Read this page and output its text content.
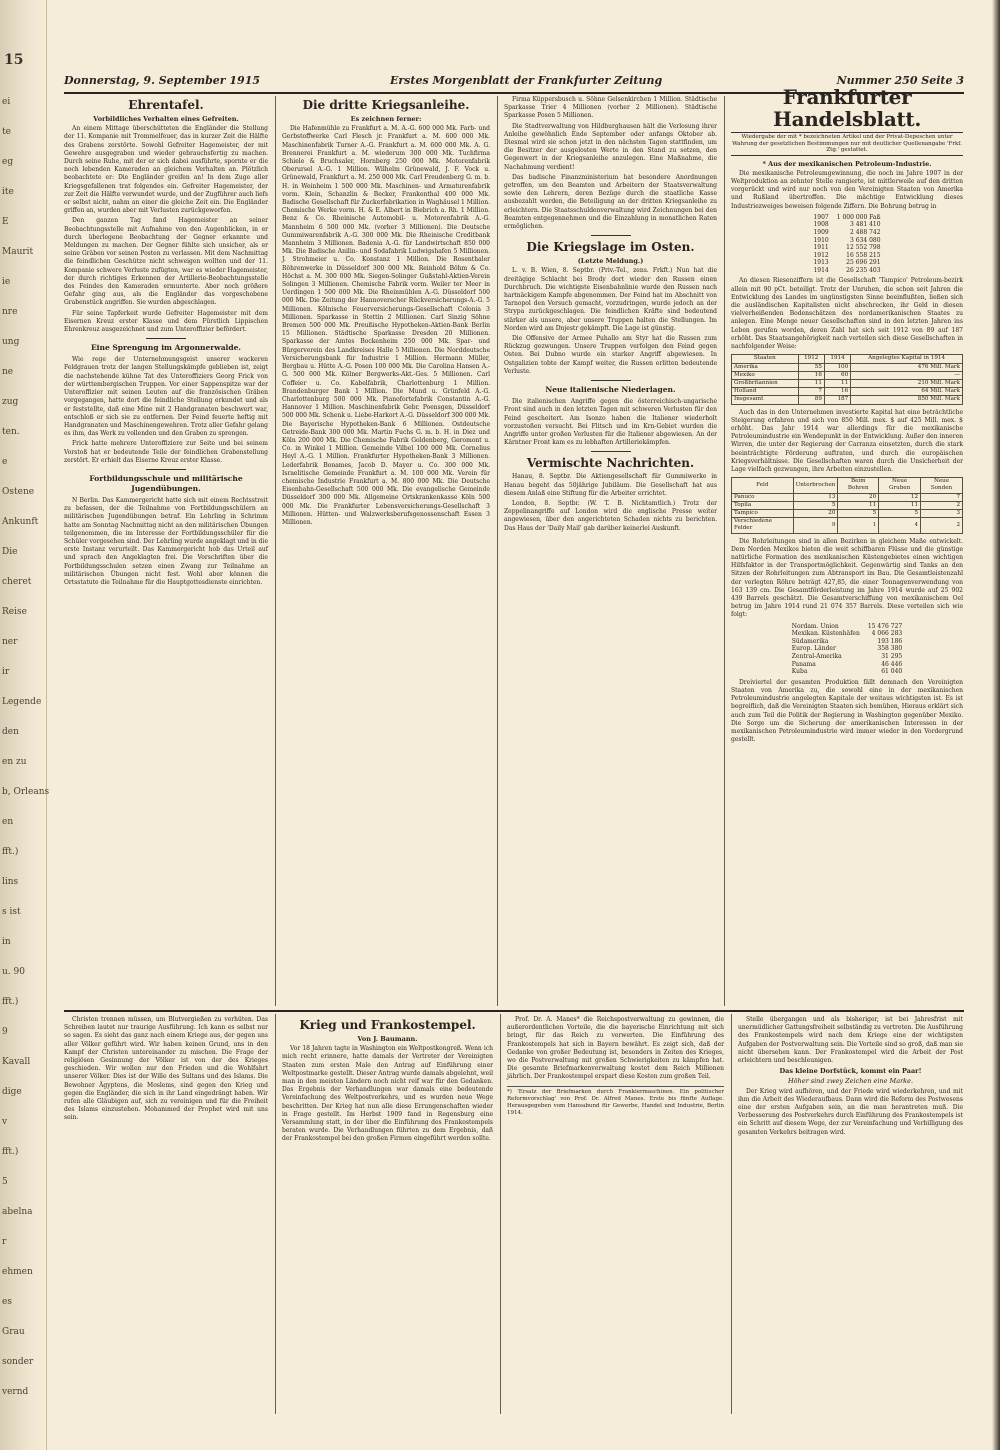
15
ei
te
eg
ite
E
Maurit
ie
nre
ung
ne
zug
ten.
e
Ostene
Ankunft
Die
cheret
Reise
ner
ir
Legende
den
en zu
b, Orleans
en
fft.)
lins
s ist
in
u. 90
fft.)
9
Kavall
dige
v
fft.)
5
abelna
r
ehmen
es
Grau
sonder
vernd
Donnerstag, 9. September 1915	Erstes Morgenblatt der Frankfurter Zeitung	Nummer 250 Seite 3
Ehrentafel.
Vorbildliches Verhalten eines Gefreiten.

An einem Mittage überschütteten die Engländer die Stellung der 11. Kompanie mit Trommelfeuer, das in kurzer Zeit die Hälfte des Grabens zerstörte. Sowohl Gefreiter Hagemeister, der mit Gewehre ausgegraben und wieder gebrauchsfertig zu machen. Durch seine Ruhe, mit der er sich dabei ausführte, spornte er die noch lebenden Kameraden an gleichem Verhalten an. Plötzlich beobachtete er: Die Engländer greifen an! In dem Zuge aller Kriegsgefallenen trat folgendes ein. Gefreiter Hagemeister, der zur Zeit die Hälfte verwundet wurde, und der Zugführer auch liefs er selbst nicht, nahm an einer die gleiche Zeit ein. Die Engländer griffen an, wurden aber mit Verlusten zurückgeworfen.

Den ganzen Tag fand Hagemeister an seiner Beobachtungsstelle mit Aufnahme von den Augenblicken, in er durch überlegene Beobachtung der Gegner erkannte und Meldungen zu machen. Der Gegner fühlte sich unsicher, als er seine Gräben vor seinen Posten zu verlassen. Mit dem Nachmittag die feindlichen Geschütze nicht schweigen wollten und der 11. Kompanie schwere Verluste zufügten, war es wieder Hagemeister, der durch richtiges Erkennen der Artillerie-Beobachtungsstelle des Feindes den Kameraden ermunterte. Aber noch größere Gefahr ging aus, als die Engländer das vorgeschobene Grabenstück angriffen. Sie wurden abgeschlagen.

Für seine Tapferkeit wurde Gefreiter Hagemeister mit dem Eisernen Kreuz erster Klasse und dem Fürstlich Lippischen Ehrenkreuz ausgezeichnet und zum Unteroffizier befördert.

Eine Sprengung im Argonnerwalde.

Wie rege der Unternehmungsgeist unserer wackeren Feldgrauen trotz der langen Stellungskämpfe geblieben ist, zeigt die nachstehende kühne Tat des Unteroffiziers Georg Frick von der württembergischen Truppen. Vor einer Sappenspitze war der Unteroffizier mit seinen Leuten auf die französischen Gräben vorgegangen, hatte dort die feindliche Stellung erkundet und als er feststellte, daß eine Mine mit 2 Handgranaten beschwert war, entschloß er sich sie zu entfernen. Der Feind feuerte heftig mit Handgranaten und Maschinengewehren. Trotz aller Gefahr gelang es ihm, das Werk zu vollenden und den Graben zu sprengen.

Frick hatte mehrere Unteroffiziere zur Seite und bei seinem Vorstoß hat er bedeutende Teile der feindlichen Grabenstellung zerstört. Er erhielt das Eiserne Kreuz erster Klasse.

Fortbildungsschule und militärische Jugendübungen.

N Berlin. Das Kammergericht hatte sich mit einem Rechtsstreit zu befassen, der die Teilnahme von Fortbildungsschülern an militärischen Jugendübungen betraf. Ein Lehrling in Schrimm hatte am Sonntag Nachmittag nicht an den militärischen Übungen teilgenommen, die im Interesse der Fortbildungsschüler für die Schüler vorgesehen sind. Der Lehrling wurde angeklagt und in die erste Instanz verurteilt. Das Kammergericht hob das Urteil auf und sprach den Angeklagten frei. Die Vorschriften über die Fortbildungsschulen setzen einen Zwang zur Teilnahme an militärischen Übungen nicht fest. Wohl aber können die Ortsstatute die Teilnahme für die Hauptgottesdienste einrichten.

Die dritte Kriegsanleihe.
Es zeichnen ferner:

Die Hafenmühle zu Frankfurt a. M. A.-G. 600 000 Mk. Farb- und Gerbstoffwerke Carl Flesch jr. Frankfurt a. M. 600 000 Mk. Maschinenfabrik Turner A.-G. Frankfurt a. M. 600 000 Mk. A. G. Brennerei Frankfurt a. M. wiederum 300 000 Mk. Tuchfirma Schiele & Bruchsaler, Hornberg 250 000 Mk. Motorenfabrik Oberursel A.-G. 1 Million. Wilhelm Grünewald, J. F. Vock u. Grünewald, Frankfurt a. M. 250 000 Mk. Carl Freudenberg G. m. b. H. in Weinheim 1 500 000 Mk. Maschinen- und Armaturenfabrik vorm. Klein, Schanzlin & Becker, Frankenthal 400 000 Mk. Badische Gesellschaft für Zuckerfabrikation in Waghäusel 1 Million. Chemische Werke vorm. H. & E. Albert in Biebrich a. Rh. 1 Million. Benz & Co. Rheinische Automobil- u. Motorenfabrik A.-G. Mannheim 6 500 000 Mk. (vorher 3 Millionen). Die Deutsche Gummiwarenfabrik A.-G. 300 000 Mk. Die Rheinische Creditbank Mannheim 3 Millionen. Badenia A.-G. für Landwirtschaft 850 000 Mk. Die Badische Anilin- und Sodafabrik Ludwigshafen 5 Millionen. J. Strohmeier u. Co. Konstanz 1 Million. Die Rosenthaler Röhrenwerke in Düsseldorf 300 000 Mk. Reinhold Böhm & Co. Höchst a. M. 300 000 Mk. Siegen-Solinger Gußstahl-Aktien-Verein Solingen 3 Millionen. Chemische Fabrik vorm. Weiler ter Meer in Uerdingen 1 500 000 Mk. Die Rheinmühlen A.-G. Düsseldorf 500 000 Mk. Die Zeitung der Hannoverscher Rückversicherungs-A.-G. 5 Millionen. Kölnische Feuerversicherungs-Gesellschaft Colonia 3 Millionen. Sparkasse in Stettin 2 Millionen. Carl Sinzig Söhne Bremen 500 000 Mk. Preußische Hypotheken-Aktien-Bank Berlin 15 Millionen. Städtische Sparkasse Dresden 20 Millionen. Sparkasse der Amtes Bockenheim 250 000 Mk. Spar- und Bürgerverein des Landkreises Halle 5 Millionen. Die Norddeutsche Versicherungsbank für Industrie 1 Million. Hermann Müller, Bergbau u. Hütte A.-G. Posen 100 000 Mk. Die Carolina Hansen A.-G. 500 000 Mk. Kölner Bergwerks-Akt.-Ges. 5 Millionen. Carl Coffeier u. Co. Kabelfabrik, Charlottenburg 1 Million. Brandenburger Bank 1 Million. Die Mund u. Grünfeld A.-G. Charlottenburg 500 000 Mk. Pianofortefabrik Constantin A.-G. Hannover 1 Million. Maschinenfabrik Gebr. Poensgen, Düsseldorf 500 000 Mk. Schenk u. Liebe-Harkort A.-G. Düsseldorf 300 000 Mk. Die Bayerische Hypotheken-Bank 6 Millionen. Ostdeutsche Getreide-Bank 300 000 Mk. Martin Fuchs G. m. b. H. in Diez und Köln 200 000 Mk. Die Chemische Fabrik Goldenberg, Geromont u. Co. in Winkel 1 Million. Gemeinde Vilbel 100 000 Mk. Cornelius Heyl A.-G. 1 Million. Frankfurter Hypotheken-Bank 3 Millionen. Lederfabrik Bonames, Jacob D. Mayer u. Co. 300 000 Mk. Israelitische Gemeinde Frankfurt a. M. 100 000 Mk. Verein für chemische Industrie Frankfurt a. M. 800 000 Mk. Die Deutsche Eisenbahn-Gesellschaft 500 000 Mk. Die evangelische Gemeinde Düsseldorf 300 000 Mk. Allgemeine Ortskrankenkasse Köln 500 000 Mk. Die Frankfurter Lebensversicherungs-Gesellschaft 3 Millionen. Hütten- und Walzwerksberufsgenossenschaft Essen 3 Millionen.

Firma Küppersbusch u. Söhne Gelsenkirchen 1 Million. Städtische Sparkasse Trier 4 Millionen (vorher 2 Millionen). Städtische Sparkasse Posen 5 Millionen.

Die Stadtverwaltung von Hildburghausen hält die Verlosung ihrer Anleihe gewöhnlich Ende September oder anfangs Oktober ab. Diesmal wird sie schon jetzt in den nächsten Tagen stattfinden, um die Besitzer der ausgelosten Werte in den Stand zu setzen, den Gegenwert in der Kriegsanleihe anzulegen. Eine Maßnahme, die Nachahmung verdient!

Das badische Finanzministerium hat besondere Anordnungen getroffen, um den Beamten und Arbeitern der Staatsverwaltung sowie den Lehrern, deren Bezüge durch die staatliche Kasse ausbezahlt werden, die Beteiligung an der dritten Kriegsanleihe zu erleichtern. Die Staatsschuldenverwaltung wird Zeichnungen bei den Beamten entgegennehmen und die Einzahlung in monatlichen Raten ermöglichen.

Die Kriegslage im Osten.
(Letzte Meldung.)

L. v. B. Wien, 8. Septbr. (Priv.-Tel., zens. Frkft.) Nun hat die dreitägige Schlacht bei Brody dort wieder den Russen einen Durchbruch. Die wichtigste Eisenbahnlinie wurde den Russen nach hartnäckigem Kampfe abgenommen. Der Feind hat im Abschnitt von Tarnopol den Versuch gemacht, vorzudringen, wurde jedoch an der Strypa zurückgeschlagen. Die feindlichen Kräfte sind bedeutend stärker als unsere, aber unsere Truppen halten die Stellungen. Im Norden wird am Dnjestr gekämpft. Die Lage ist günstig.

Die Offensive der Armee Puhallo am Styr hat die Russen zum Rückzug gezwungen. Unsere Truppen verfolgen den Feind gegen Osten. Bei Dubno wurde ein starker Angriff abgewiesen. In Ostgalizien tobte der Kampf weiter, die Russen erlitten bedeutende Verluste.

Neue italienische Niederlagen.

Die italienischen Angriffe gegen die österreichisch-ungarische Front sind auch in den letzten Tagen mit schweren Verlusten für den Feind gescheitert. Am Isonzo haben die Italiener wiederholt vorzustoßen versucht. Bei Flitsch und im Krn-Gebiet wurden die Angriffe unter großen Verlusten für die Italiener abgewiesen. An der Kärntner Front kam es zu lebhaften Artilleriekämpfen.

Vermischte Nachrichten.

Hanau, 8. Septbr. Die Aktiengesellschaft für Gummiwerke in Hanau begeht das 50jährige Jubiläum. Die Gesellschaft hat aus diesem Anlaß eine Stiftung für die Arbeiter errichtet.

London, 8. Septbr. (W. T. B. Nichtamtlich.) Trotz der Zeppelinangriffe auf London wird die englische Presse weiter angewiesen, über den angerichteten Schaden nichts zu berichten. Das Haus der 'Daily Mail' gab darüber keinerlei Auskunft.

Frankfurter Handelsblatt.
Wiedergabe der mit * bezeichneten Artikel und der Privat-Depeschen unter Wahrung der gesetzlichen Bestimmungen nur mit deutlicher Quellenangabe 'Frkf. Ztg.' gestattet.
* Aus der mexikanischen Petroleum-Industrie.

Die mexikanische Petroleumgewinnung, die noch im Jahre 1907 in der Weltproduktion an zehnter Stelle rangierte, ist mittlerweile auf den dritten vorgerückt und wird nur noch von den Vereinigten Staaten von Amerika und Rußland übertroffen. Die mächtige Entwicklung dieses Industriezweiges beweisen folgende Ziffern. Die Bohrung betrug in

1907	1 000 000 Faß
1908	3 481 410
1909	2 488 742
1910	3 634 080
1911	12 552 798
1912	16 558 215
1913	25 696 291
1914	26 235 403

An diesen Riesenziffern ist die Gesellschaft 'Tampico' Petroleum-bezirk allein mit 90 pCt. beteiligt. Trotz der Unruhen, die schon seit Jahren die Entwicklung des Landes im ungünstigsten Sinne beeinflußten, ließen sich die ausländischen Kapitalisten nicht abschrecken, ihr Geld in diesen vielverheißenden Bodenschätzen des nordamerikanischen Staates zu anlegen. Eine Menge neuer Gesellschaften sind in den letzten Jahren ins Leben gerufen worden, deren Zahl hat sich seit 1912 von 89 auf 187 erhöht. Das Staatsangehörigkeit nach verteilen sich diese Gesellschaften in nachfolgender Weise:

Staaten	1912	1914	Angelegtes Kapital in 1914
Amerika	55	100	476 Mill. Mark
Mexiko	16	60	—
Großbritannien	11	11	210 Mill. Mark
Holland	7	16	64 Mill. Mark
Insgesamt	89	187	850 Mill. Mark

Auch das in den Unternehmen investierte Kapital hat eine beträchtliche Steigerung erfahren und sich von 850 Mill. mex. $ auf 425 Mill. mex. $ erhöht. Das Jahr 1914 war allerdings für die mexikanische Petroleumindustrie ein Wendepunkt in der Entwicklung. Außer den inneren Wirren, die unter der Regierung der Carranza einsetzten, durch die stark beeinträchtigte Förderung auftraten, und durch die europäischen Kriegsverhältnisse. Die Gesellschaften waren durch die Unsicherheit der Lage vielfach gezwungen, ihre Arbeiten einzustellen.

Feld	Unterbrochen	Beim Bohren	Neue Gruben	Neue Sonden
Panuco	13	20	12	7
Topila	5	11	11	2
Tampico	20	5	5	3
Verschiedene Felder	9	1	4	2

Die Rohrleitungen sind in allen Bezirken in gleichem Maße entwickelt. Dem Norden Mexikos bieten die weit schiffbaren Flüsse und die günstige natürliche Formation des mexikanischen Küstengebietes einen wichtigen Hilfsfaktor in der Transportmöglichkeit. Gegenwärtig sind Tanks an den Sitzen der Rohrleitungen zum Abtransport im Bau. Die Gesamtleistenzahl der verlegten Röhre beträgt 427,85, die einer Tonnagenverwendung von 163 139 cm. Die Gesamtförderleistung im Jahre 1914 wurde auf 25 902 439 Barrels geschätzt. Die Gesamtverschiffung von mexikanischem Oel betrug im Jahre 1914 rund 21 074 357 Barrels. Diese verteilen sich wie folgt:

Nordam. Union	15 476 727
Mexikan. Küstenhäfen	4 066 283
Südamerika	193 186
Europ. Länder	358 380
Zentral-Amerika	31 295
Panama	46 446
Kuba	61 040

Dreiviertel der gesamten Produktion fällt demnach den Vereinigten Staaten von Amerika zu, die sowohl eine in der mexikanischen Petroleumindustrie angelegten Kapitale der weitaus wichtigsten ist. Es ist begreiflich, daß die Vereinigten Staaten sich bemühen, Hieraus erklärt sich auch zum Teil die Politik der Regierung in Washington gegenüber Mexiko. Die Sorge um die Sicherung der amerikanischen Interessen in der mexikanischen Petroleumindustrie wird immer wieder in den Vordergrund gestellt.

Christen trennen müssen, um Blutvergießen zu verhüten. Das Schreiben lautet nur traurige Ausführung. Ich kann es selbst nur so sagen. Es sieht das ganz nach einem Kriege aus, der gegen uns aller Völker geführt wird. Wir haben keinen Grund, uns in den Kampf der Christen untereinander zu mischen. Die Frage der religiösen Gesinnung der Völker ist von der des Krieges geschieden. Wir wollen nur den Frieden und die Wohlfahrt unserer Völker. Dies ist der Wille des Sultans und des Islams. Die Bewohner Ägyptens, die Moslems, sind gegen den Krieg und gegen die Engländer, die sich in ihr Land eingedrängt haben. Wir rufen alle Gläubigen auf, sich zu vereinigen und für die Freiheit des Islams einzustehen. Mohammed der Prophet wird mit uns sein.

Krieg und Frankostempel.
Von J. Baumann.

Vor 18 Jahren tagte in Washington ein Weltpostkongreß. Wenn ich mich recht erinnere, hatte damals der Vertreter der Vereinigten Staaten zum ersten Male den Antrag auf Einführung einer Weltpostmarke gestellt. Dieser Antrag wurde damals abgelehnt, weil man in den meisten Ländern noch nicht reif war für den Gedanken. Das Ergebnis der Verhandlungen war damals eine bedeutende Vereinfachung des Weltpostverkehrs, und es wurden neue Wege beschritten. Der Krieg hat nun alle diese Errungenschaften wieder in Frage gestellt. Im Herbst 1909 fand in Regensburg eine Versammlung statt, in der über die Einführung des Frankostempels beraten wurde. Die Verhandlungen führten zu dem Ergebnis, daß der Frankostempel bei den großen Firmen eingeführt werden sollte.

Prof. Dr. A. Manes* die Reichspostverwaltung zu gewinnen, die außerordentlichen Vorteile, die die bayerische Einrichtung mit sich bringt, für das Reich zu verwerten. Die Einführung des Frankostempels hat sich in Bayern bewährt. Es zeigt sich, daß der Gedanke von großer Bedeutung ist, besonders in Zeiten des Krieges, wo die Postverwaltung mit großen Schwierigkeiten zu kämpfen hat. Die gesamte Briefmarkenverwaltung kostet dem Reich Millionen jährlich. Der Frankostempel erspart diese Kosten zum großen Teil.

*) 'Ersatz der Briefmarken durch Frankiermaschinen. Ein politischer Reformvorschlag' von Prof. Dr. Alfred Manes. Erste bis fünfte Auflage. Herausgegeben vom Hansabund für Gewerbe, Handel und Industrie, Berlin 1914.

Stelle übergangen und als bisheriger, ist bei Jahresfrist mit unermüdlicher Gattungsfreiheit selbständig zu vertreten. Die Ausführung des Frankostempels wird nach dem Kriege eine der wichtigsten Aufgaben der Postverwaltung sein. Die Vorteile sind so groß, daß man sie nicht übersehen kann. Der Frankostempel wird die Arbeit der Post erleichtern und beschleunigen.

Das kleine Dorfstück, kommt ein Paar!
Höher sind zwey Zeichen eine Marke.

Der Krieg wird aufhören, und der Friede wird wiederkehren, und mit ihm die Arbeit des Wiederaufbaus. Dann wird die Reform des Postwesens eine der ersten Aufgaben sein, an die man herantreten muß. Die Verbesserung des Postverkehrs durch Einführung des Frankostempels ist ein Schritt auf diesem Wege, der zur Vereinfachung und Verbilligung des gesamten Verkehrs beitragen wird.
